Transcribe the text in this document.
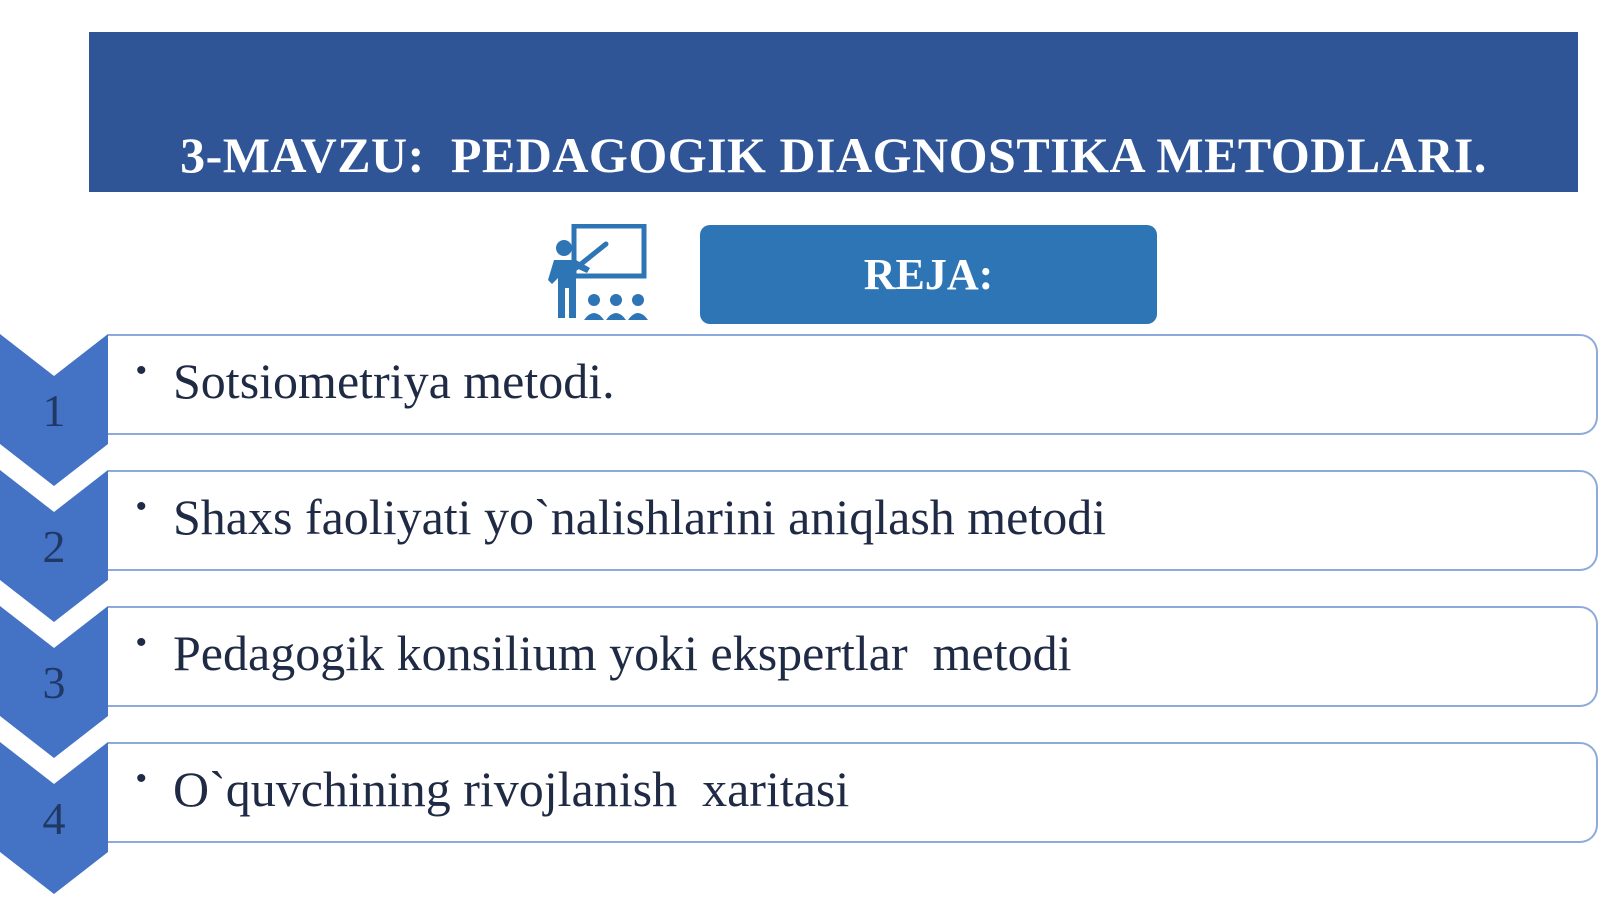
3-MAVZU:  PEDAGOGIK DIAGNOSTIKA METODLARI.
REJA:
1
• Sotsiometriya metodi.
2
• Shaxs faoliyati yo`nalishlarini aniqlash metodi
3
• Pedagogik konsilium yoki ekspertlar  metodi
4
• O`quvchining rivojlanish  xaritasi
